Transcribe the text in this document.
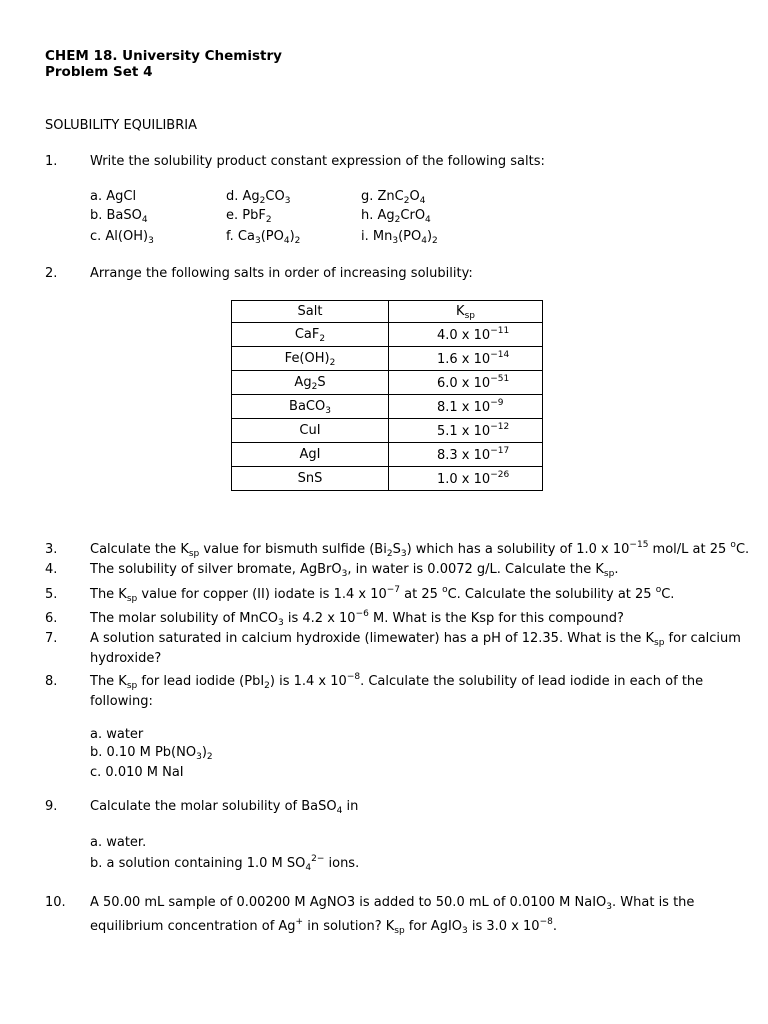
CHEM 18. University Chemistry
Problem Set 4
SOLUBILITY EQUILIBRIA
1.	Write the solubility product constant expression of the following salts:
a. AgCl
b. BaSO$_4$
c. $Al(OH)_3$
d. $Ag_2CO_3$
e. PbF$_2$
f. $Ca_3(PO_4)_2$
g. $ZnC_2O_4$
h. $Ag_2CrO_4$
i. $Mn_3(PO_4)_2$
2.	Arrange the following salts in order of increasing solubility:
Salt	$K_{sp}$
CaF$_2$	4.0 x $10^{-11}$
$Fe(OH)_2$	1.6 x $10^{-14}$
$Ag_2S$	6.0 x $10^{-51}$
BaCO$_3$	8.1 x $10^{-9}$
CuI	5.1 x $10^{-12}$
AgI	8.3 x $10^{-17}$
SnS	1.0 x $10^{-26}$
3.	Calculate the $K_{sp}$ value for bismuth sulfide $(Bi_2S_3)$ which has a solubility of 1.0 x $10^{-15}$ mol/L at 25 $^o$C.
4.	The solubility of silver bromate, AgBrO$_3$, in water is 0.0072 g/L. Calculate the $K_{sp}$.
5.	The $K_{sp}$ value for copper (II) iodate is 1.4 x $10^{-7}$ at 25 $^o$C. Calculate the solubility at 25 $^o$C.
6.	The molar solubility of MnCO$_3$ is 4.2 x $10^{-6}$ M. What is the Ksp for this compound?
7.	A solution saturated in calcium hydroxide (limewater) has a pH of 12.35. What is the $K_{sp}$ for calcium
hydroxide?
8.	The $K_{sp}$ for lead iodide (PbI$_2$) is 1.4 x $10^{-8}$. Calculate the solubility of lead iodide in each of the
following:
a. water
b. 0.10 M $Pb(NO_3)_2$
c. 0.010 M NaI
9.	Calculate the molar solubility of BaSO$_4$ in
a. water.
b. a solution containing 1.0 M $SO_4^{2-}$ ions.
10. A 50.00 mL sample of 0.00200 M AgNO3 is added to 50.0 mL of 0.0100 M NaIO$_3$. What is the
equilibrium concentration of Ag+ in solution? $K_{sp}$ for AgIO$_3$ is 3.0 x $10^{-8}$.
